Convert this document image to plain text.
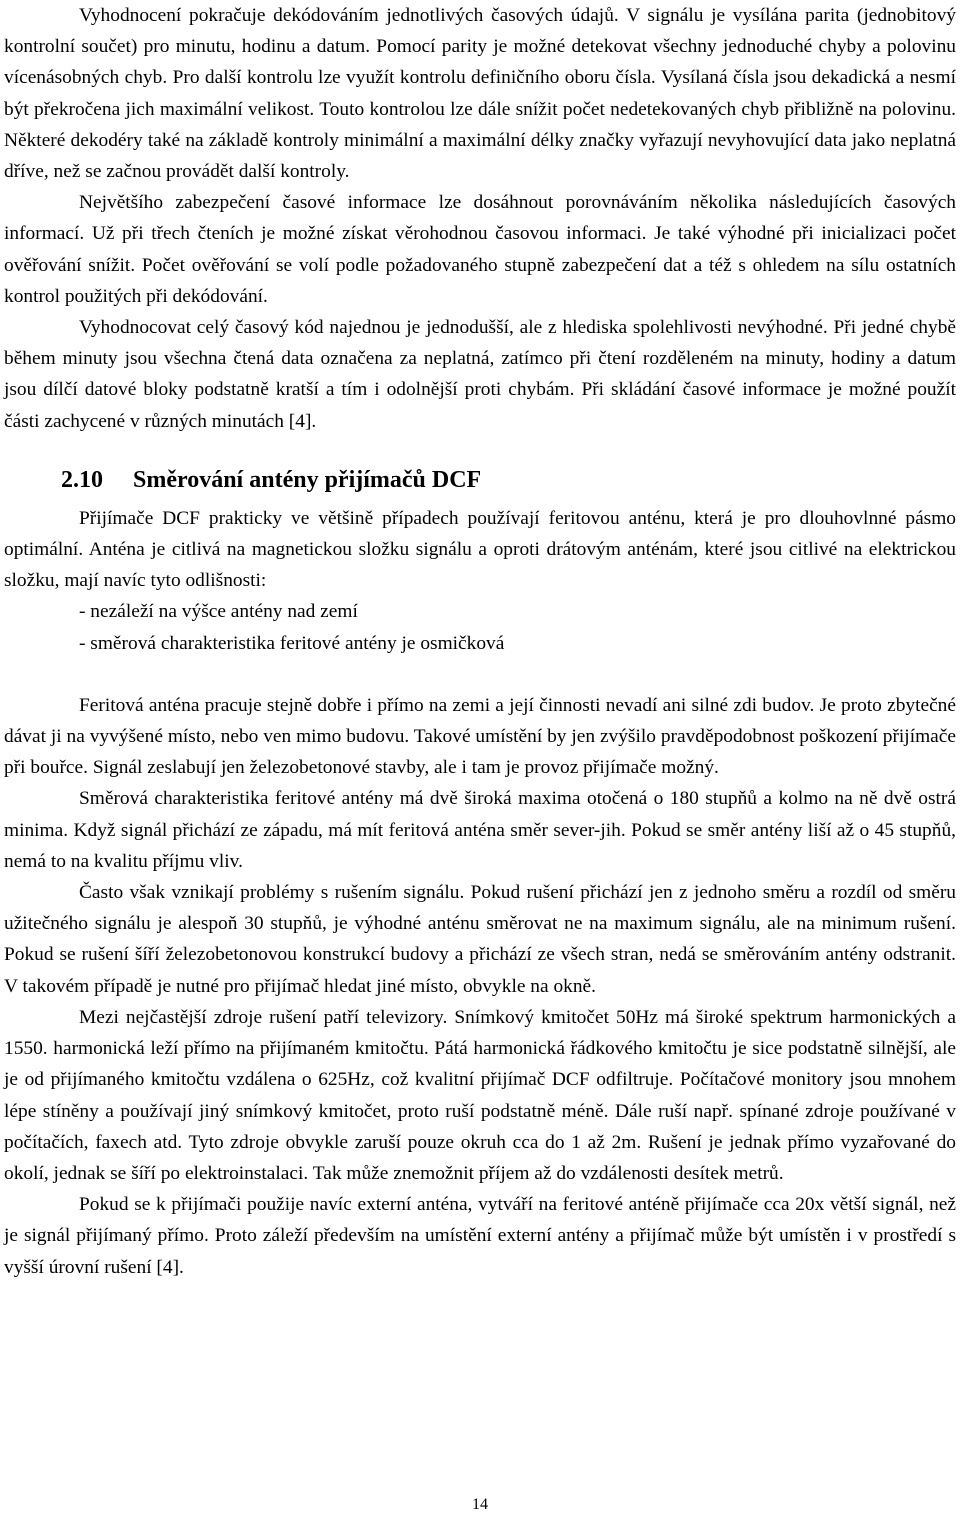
Vyhodnocení pokračuje dekódováním jednotlivých časových údajů. V signálu je vysílána parita (jednobitový kontrolní součet) pro minutu, hodinu a datum. Pomocí parity je možné detekovat všechny jednoduché chyby a polovinu vícenásobných chyb. Pro další kontrolu lze využít kontrolu definičního oboru čísla. Vysílaná čísla jsou dekadická a nesmí být překročena jich maximální velikost. Touto kontrolou lze dále snížit počet nedetekovaných chyb přibližně na polovinu. Některé dekodéry také na základě kontroly minimální a maximální délky značky vyřazují nevyhovující data jako neplatná dříve, než se začnou provádět další kontroly.

Největšího zabezpečení časové informace lze dosáhnout porovnáváním několika následujících časových informací. Už při třech čteních je možné získat věrohodnou časovou informaci. Je také výhodné při inicializaci počet ověřování snížit. Počet ověřování se volí podle požadovaného stupně zabezpečení dat a též s ohledem na sílu ostatních kontrol použitých při dekódování.

Vyhodnocovat celý časový kód najednou je jednodušší, ale z hlediska spolehlivosti nevýhodné. Při jedné chybě během minuty jsou všechna čtená data označena za neplatná, zatímco při čtení rozděleném na minuty, hodiny a datum jsou dílčí datové bloky podstatně kratší a tím i odolnější proti chybám. Při skládání časové informace je možné použít části zachycené v různých minutách [4].

2.10 Směrování antény přijímačů DCF

Přijímače DCF prakticky ve většině případech používají feritovou anténu, která je pro dlouhovlnné pásmo optimální. Anténa je citlivá na magnetickou složku signálu a oproti drátovým anténám, které jsou citlivé na elektrickou složku, mají navíc tyto odlišnosti:

- nezáleží na výšce antény nad zemí

- směrová charakteristika feritové antény je osmičková

Feritová anténa pracuje stejně dobře i přímo na zemi a její činnosti nevadí ani silné zdi budov. Je proto zbytečné dávat ji na vyvýšené místo, nebo ven mimo budovu. Takové umístění by jen zvýšilo pravděpodobnost poškození přijímače při bouřce. Signál zeslabují jen železobetonové stavby, ale i tam je provoz přijímače možný.

Směrová charakteristika feritové antény má dvě široká maxima otočená o 180 stupňů a kolmo na ně dvě ostrá minima. Když signál přichází ze západu, má mít feritová anténa směr sever-jih. Pokud se směr antény liší až o 45 stupňů, nemá to na kvalitu příjmu vliv.

Často však vznikají problémy s rušením signálu. Pokud rušení přichází jen z jednoho směru a rozdíl od směru užitečného signálu je alespoň 30 stupňů, je výhodné anténu směrovat ne na maximum signálu, ale na minimum rušení. Pokud se rušení šíří železobetonovou konstrukcí budovy a přichází ze všech stran, nedá se směrováním antény odstranit. V takovém případě je nutné pro přijímač hledat jiné místo, obvykle na okně.

Mezi nejčastější zdroje rušení patří televizory. Snímkový kmitočet 50Hz má široké spektrum harmonických a 1550. harmonická leží přímo na přijímaném kmitočtu. Pátá harmonická řádkového kmitočtu je sice podstatně silnější, ale je od přijímaného kmitočtu vzdálena o 625Hz, což kvalitní přijímač DCF odfiltruje. Počítačové monitory jsou mnohem lépe stíněny a používají jiný snímkový kmitočet, proto ruší podstatně méně. Dále ruší např. spínané zdroje používané v počítačích, faxech atd. Tyto zdroje obvykle zaruší pouze okruh cca do 1 až 2m. Rušení je jednak přímo vyzařované do okolí, jednak se šíří po elektroinstalaci. Tak může znemožnit příjem až do vzdálenosti desítek metrů.

Pokud se k přijímači použije navíc externí anténa, vytváří na feritové anténě přijímače cca 20x větší signál, než je signál přijímaný přímo. Proto záleží především na umístění externí antény a přijímač může být umístěn i v prostředí s vyšší úrovní rušení [4].

14
